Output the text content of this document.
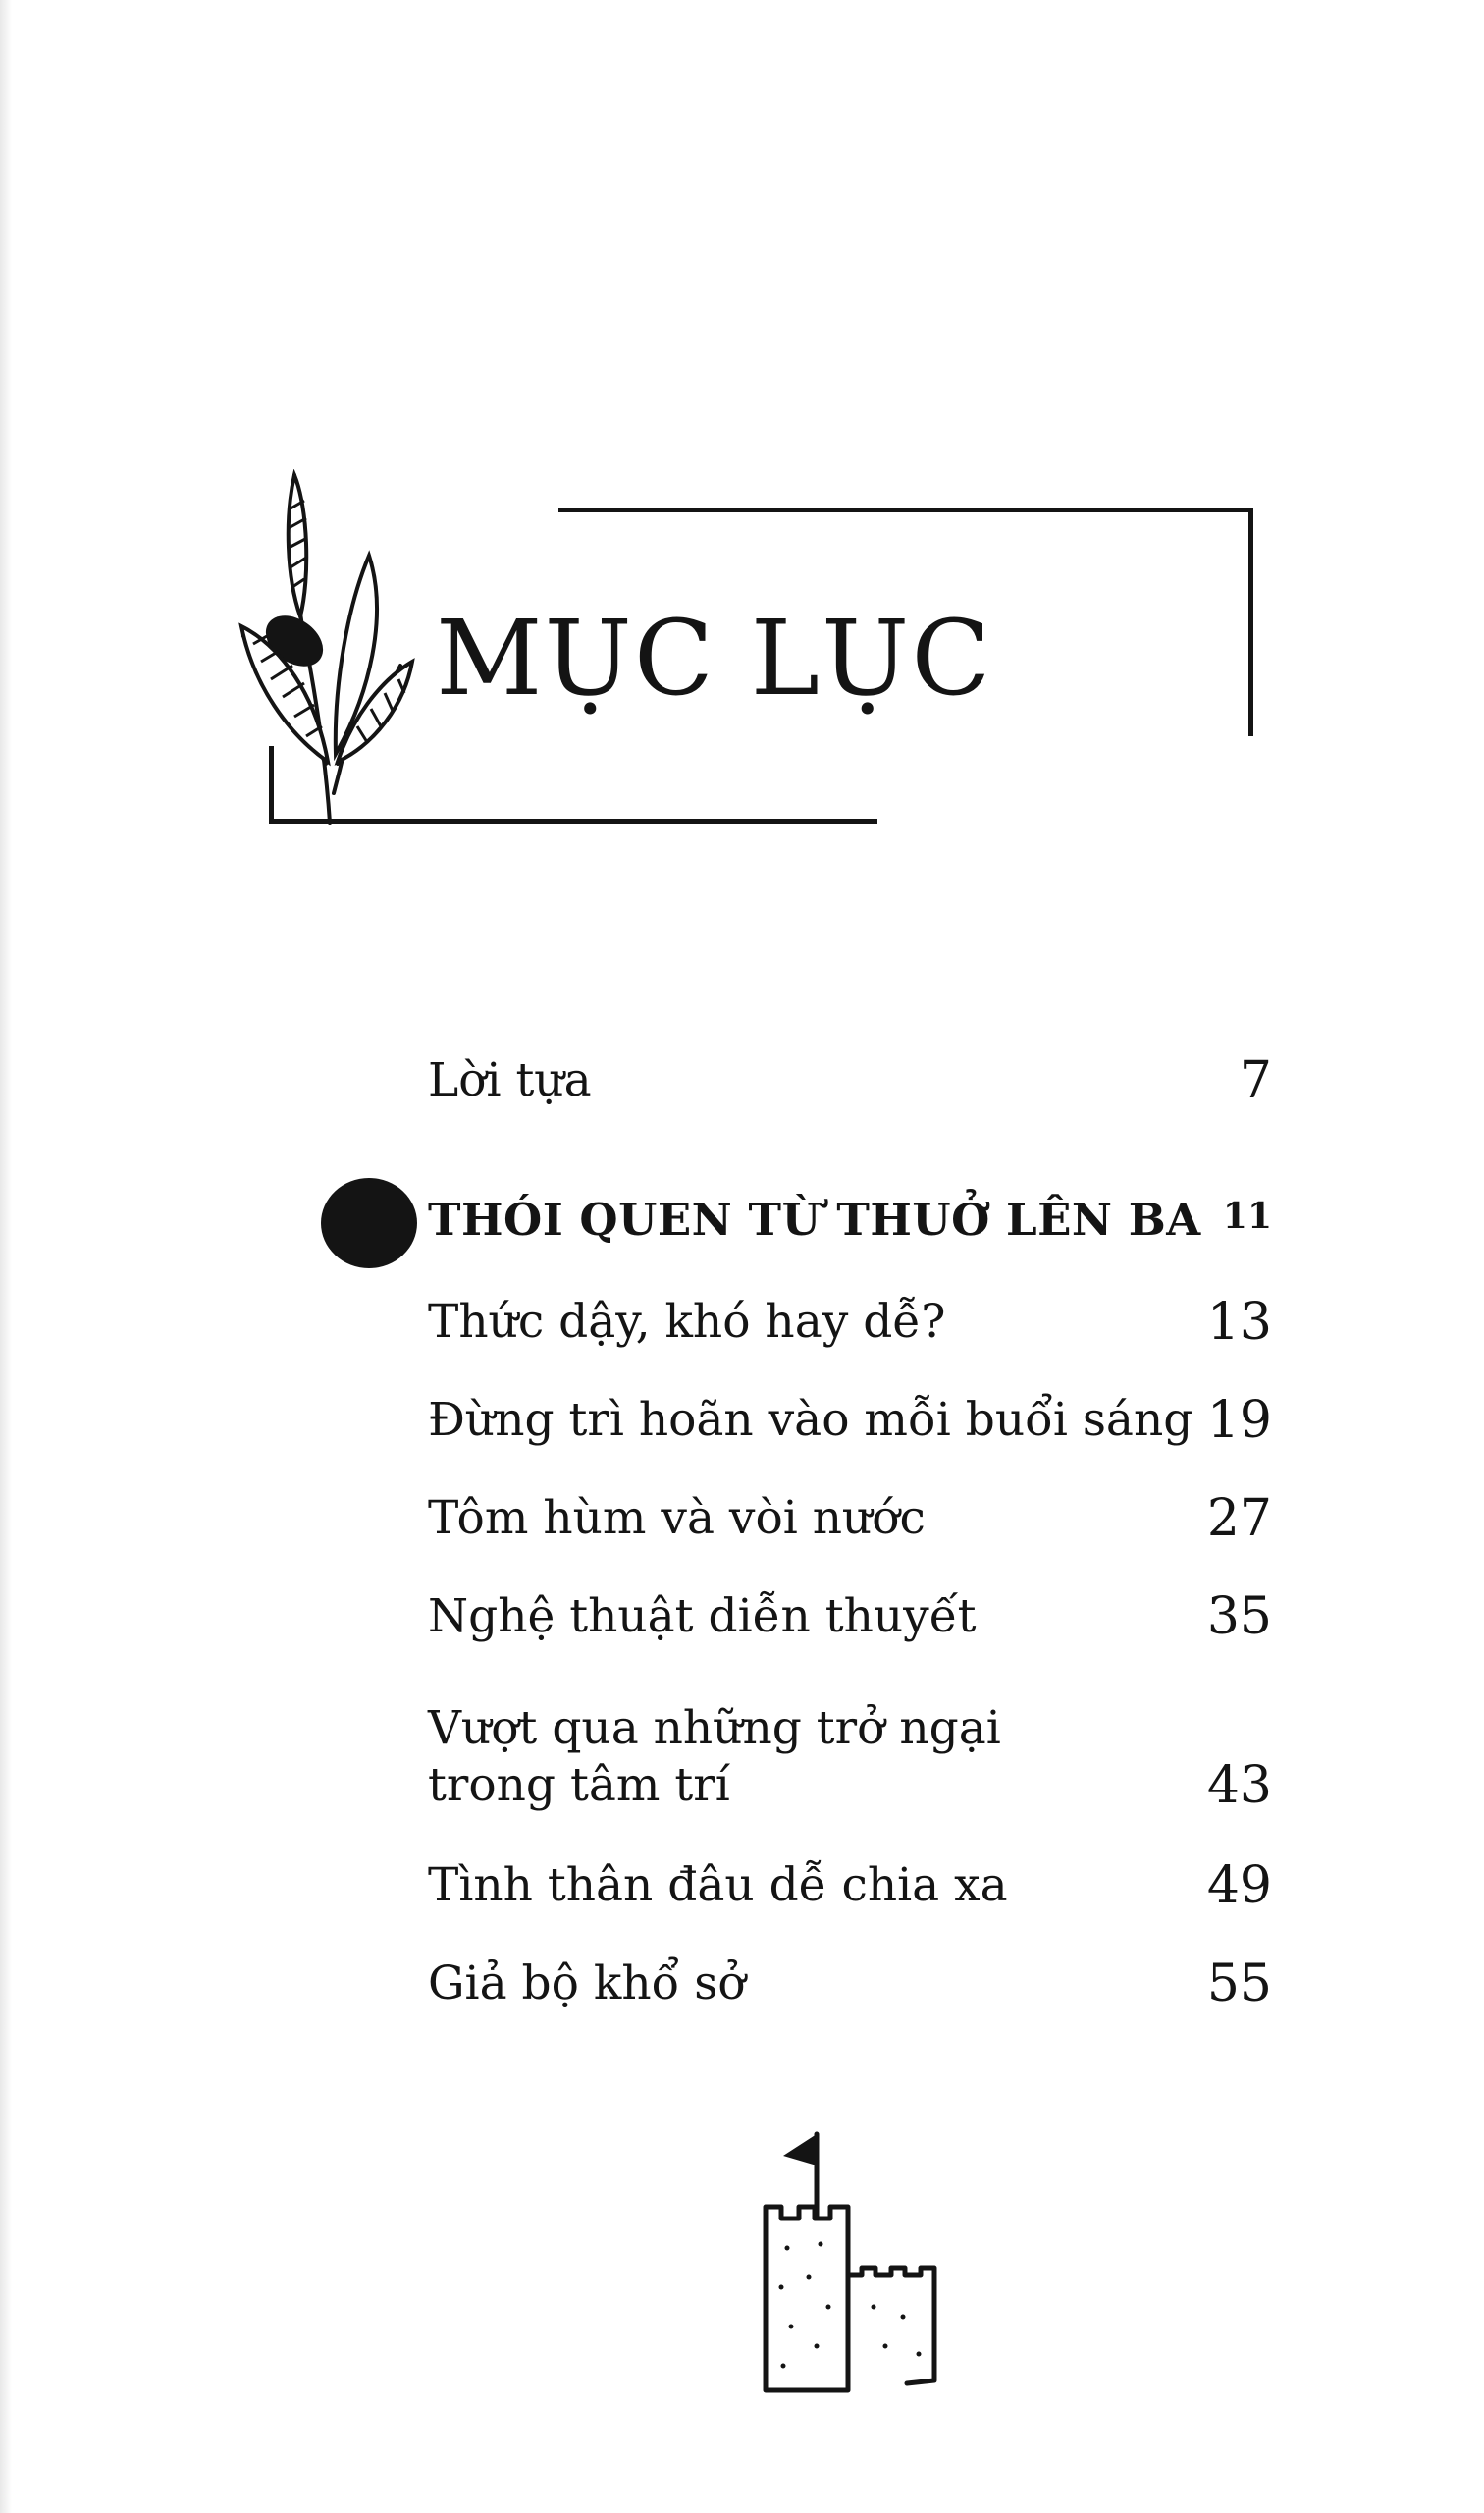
MỤC LỤC
Lời tựa	7
THÓI QUEN TỪ THUỞ LÊN BA 11
Thức dậy, khó hay dễ?	13
Đừng trì hoãn vào mỗi buổi sáng 19
Tôm hùm và vòi nước	27
Nghệ thuật diễn thuyết	35
Vượt qua những trở ngại trong tâm trí	43
Tình thân đâu dễ chia xa	49
Giả bộ khổ sở	55
